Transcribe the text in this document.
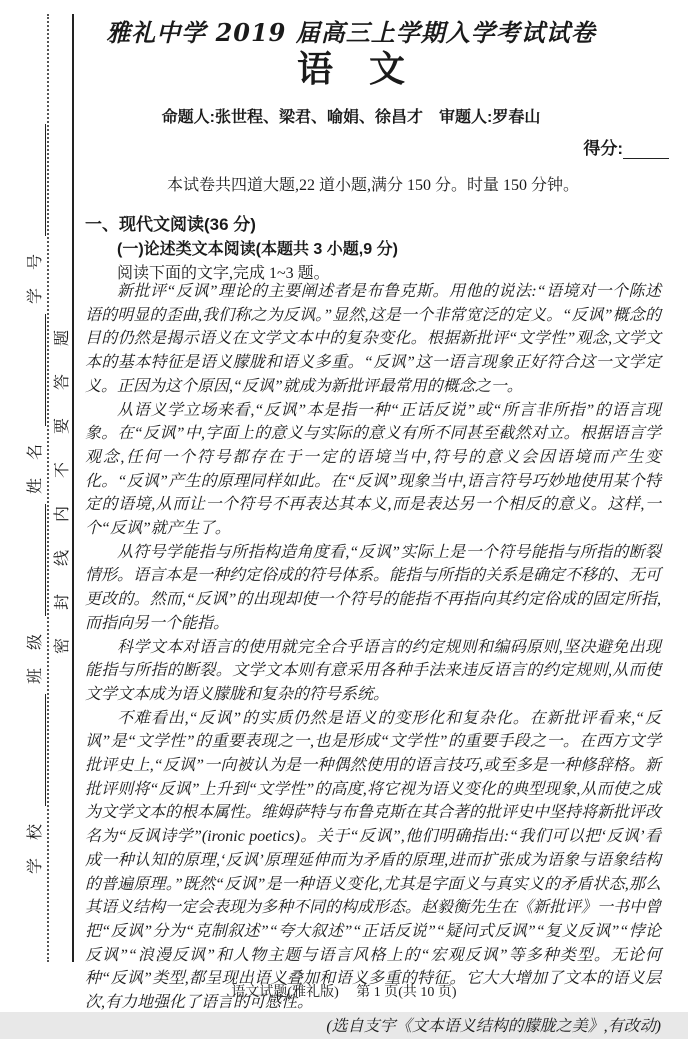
学校
班级
姓名
学号
密封线内不要答题
雅礼中学 2019 届高三上学期入学考试试卷
语　文
命题人:张世程、梁君、喻娟、徐昌才　审题人:罗春山
得分:
本试卷共四道大题,22 道小题,满分 150 分。时量 150 分钟。
一、现代文阅读(36 分)
(一)论述类文本阅读(本题共 3 小题,9 分)
阅读下面的文字,完成 1~3 题。

新批评“反讽”理论的主要阐述者是布鲁克斯。用他的说法:“语境对一个陈述语的明显的歪曲,我们称之为反讽。”显然,这是一个非常宽泛的定义。“反讽”概念的目的仍然是揭示语义在文学文本中的复杂变化。根据新批评“文学性”观念,文学文本的基本特征是语义朦胧和语义多重。“反讽”这一语言现象正好符合这一文学定义。正因为这个原因,“反讽”就成为新批评最常用的概念之一。

从语义学立场来看,“反讽”本是指一种“正话反说”或“所言非所指”的语言现象。在“反讽”中,字面上的意义与实际的意义有所不同甚至截然对立。根据语言学观念,任何一个符号都存在于一定的语境当中,符号的意义会因语境而产生变化。“反讽”产生的原理同样如此。在“反讽”现象当中,语言符号巧妙地使用某个特定的语境,从而让一个符号不再表达其本义,而是表达另一个相反的意义。这样,一个“反讽”就产生了。

从符号学能指与所指构造角度看,“反讽”实际上是一个符号能指与所指的断裂情形。语言本是一种约定俗成的符号体系。能指与所指的关系是确定不移的、无可更改的。然而,“反讽”的出现却使一个符号的能指不再指向其约定俗成的固定所指,而指向另一个能指。

科学文本对语言的使用就完全合乎语言的约定规则和编码原则,坚决避免出现能指与所指的断裂。文学文本则有意采用各种手法来违反语言的约定规则,从而使文学文本成为语义朦胧和复杂的符号系统。

不难看出,“反讽”的实质仍然是语义的变形化和复杂化。在新批评看来,“反讽”是“文学性”的重要表现之一,也是形成“文学性”的重要手段之一。在西方文学批评史上,“反讽”一向被认为是一种偶然使用的语言技巧,或至多是一种修辞格。新批评则将“反讽”上升到“文学性”的高度,将它视为语义变化的典型现象,从而使之成为文学文本的根本属性。维姆萨特与布鲁克斯在其合著的批评史中坚持将新批评改名为“反讽诗学”(ironic poetics)。关于“反讽”,他们明确指出:“我们可以把‘反讽’看成一种认知的原理,‘反讽’原理延伸而为矛盾的原理,进而扩张成为语象与语象结构的普遍原理。”既然“反讽”是一种语义变化,尤其是字面义与真实义的矛盾状态,那么其语义结构一定会表现为多种不同的构成形态。赵毅衡先生在《新批评》一书中曾把“反讽”分为“克制叙述”“夸大叙述”“正话反说”“疑问式反讽”“复义反讽”“悖论反讽”“浪漫反讽”和人物主题与语言风格上的“宏观反讽”等多种类型。无论何种“反讽”类型,都呈现出语义叠加和语义多重的特征。它大大增加了文本的语义层次,有力地强化了语言的可感性。

(选自支宇《文本语义结构的朦胧之美》,有改动)

语文试题(雅礼版)　 第 1 页(共 10 页)
